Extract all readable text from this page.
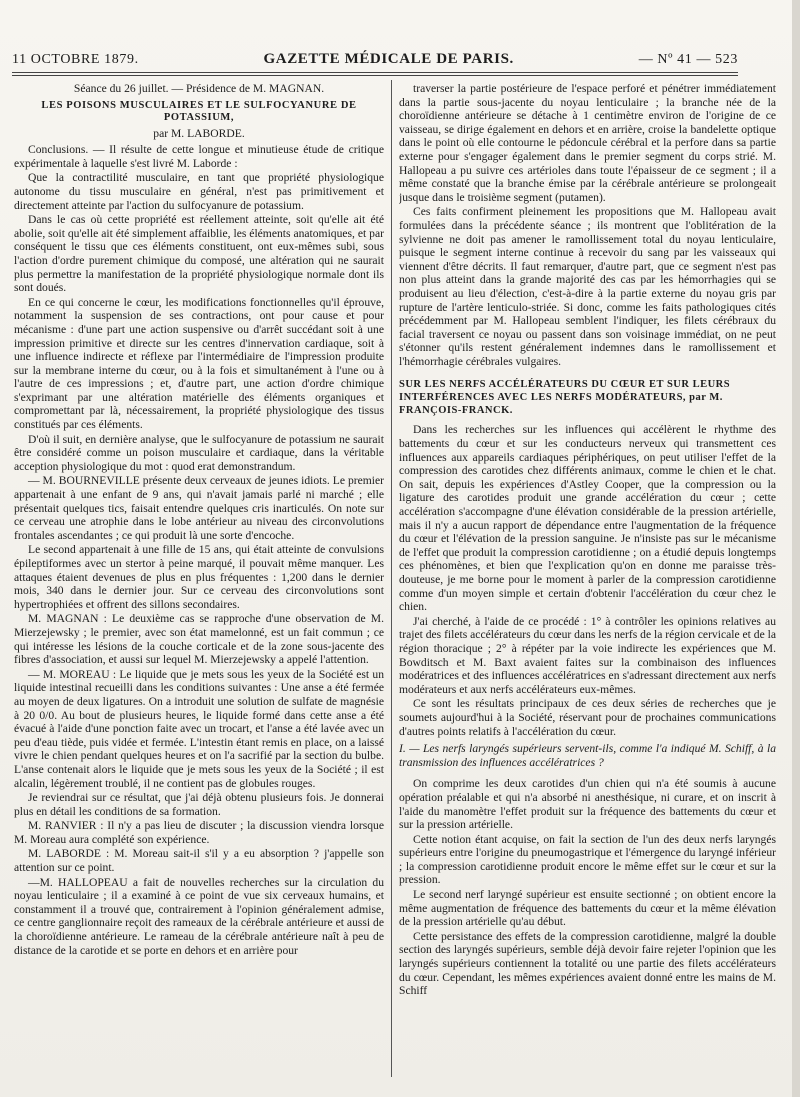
11 OCTOBRE 1879.	GAZETTE MÉDICALE DE PARIS.	— Nº 41 — 523

Séance du 26 juillet. — Présidence de M. MAGNAN.

LES POISONS MUSCULAIRES ET LE SULFOCYANURE DE POTASSIUM,

par M. LABORDE.

Conclusions. — Il résulte de cette longue et minutieuse étude de critique expérimentale à laquelle s'est livré M. Laborde :

Que la contractilité musculaire, en tant que propriété physiologique autonome du tissu musculaire en général, n'est pas primitivement et directement atteinte par l'action du sulfocyanure de potassium.

Dans le cas où cette propriété est réellement atteinte, soit qu'elle ait été abolie, soit qu'elle ait été simplement affaiblie, les éléments anatomiques, et par conséquent le tissu que ces éléments constituent, ont eux-mêmes subi, sous l'action d'ordre purement chimique du composé, une altération qui ne saurait plus permettre la manifestation de la propriété physiologique normale dont ils sont doués.

En ce qui concerne le cœur, les modifications fonctionnelles qu'il éprouve, notamment la suspension de ses contractions, ont pour cause et pour mécanisme : d'une part une action suspensive ou d'arrêt succédant soit à une impression primitive et directe sur les centres d'innervation cardiaque, soit à une influence indirecte et réflexe par l'intermédiaire de l'impression produite sur la membrane interne du cœur, ou à la fois et simultanément à l'une ou à l'autre de ces impressions ; et, d'autre part, une action d'ordre chimique s'exprimant par une altération matérielle des éléments organiques et compromettant par là, nécessairement, la propriété physiologique des tissus constitués par ces éléments.

D'où il suit, en dernière analyse, que le sulfocyanure de potassium ne saurait être considéré comme un poison musculaire et cardiaque, dans la véritable acception physiologique du mot : quod erat demonstrandum.

— M. BOURNEVILLE présente deux cerveaux de jeunes idiots. Le premier appartenait à une enfant de 9 ans, qui n'avait jamais parlé ni marché ; elle présentait quelques tics, faisait entendre quelques cris inarticulés. On note sur ce cerveau une atrophie dans le lobe antérieur au niveau des circonvolutions frontales ascendantes ; ce qui produit là une sorte d'encoche.

Le second appartenait à une fille de 15 ans, qui était atteinte de convulsions épileptiformes avec un stertor à peine marqué, il pouvait même manquer. Les attaques étaient devenues de plus en plus fréquentes : 1,200 dans le dernier mois, 340 dans le dernier jour. Sur ce cerveau des circonvolutions sont hypertrophiées et offrent des sillons secondaires.

M. MAGNAN : Le deuxième cas se rapproche d'une observation de M. Mierzejewsky ; le premier, avec son état mamelonné, est un fait commun ; ce qui intéresse les lésions de la couche corticale et de la zone sous-jacente des fibres d'association, et aussi sur lequel M. Mierzejewsky a appelé l'attention.

— M. MOREAU : Le liquide que je mets sous les yeux de la Société est un liquide intestinal recueilli dans les conditions suivantes : Une anse a été fermée au moyen de deux ligatures. On a introduit une solution de sulfate de magnésie à 20 0/0. Au bout de plusieurs heures, le liquide formé dans cette anse a été évacué à l'aide d'une ponction faite avec un trocart, et l'anse a été lavée avec un peu d'eau tiède, puis vidée et fermée. L'intestin étant remis en place, on a laissé vivre le chien pendant quelques heures et on l'a sacrifié par la section du bulbe. L'anse contenait alors le liquide que je mets sous les yeux de la Société ; il est alcalin, légèrement troublé, il ne contient pas de globules rouges.

Je reviendrai sur ce résultat, que j'ai déjà obtenu plusieurs fois. Je donnerai plus en détail les conditions de sa formation.

M. RANVIER : Il n'y a pas lieu de discuter ; la discussion viendra lorsque M. Moreau aura complété son expérience.

M. LABORDE : M. Moreau sait-il s'il y a eu absorption ? j'appelle son attention sur ce point.

—M. HALLOPEAU a fait de nouvelles recherches sur la circulation du noyau lenticulaire ; il a examiné à ce point de vue six cerveaux humains, et constamment il a trouvé que, contrairement à l'opinion généralement admise, ce centre ganglionnaire reçoit des rameaux de la cérébrale antérieure et aussi de la choroïdienne antérieure. Le rameau de la cérébrale antérieure naît à peu de distance de la carotide et se porte en dehors et en arrière pour

traverser la partie postérieure de l'espace perforé et pénétrer immédiatement dans la partie sous-jacente du noyau lenticulaire ; la branche née de la choroïdienne antérieure se détache à 1 centimètre environ de l'origine de ce vaisseau, se dirige également en dehors et en arrière, croise la bandelette optique dans le point où elle contourne le pédoncule cérébral et la perfore dans sa partie externe pour s'engager également dans le premier segment du corps strié. M. Hallopeau a pu suivre ces artérioles dans toute l'épaisseur de ce segment ; il a même constaté que la branche émise par la cérébrale antérieure se prolongeait jusque dans le troisième segment (putamen).

Ces faits confirment pleinement les propositions que M. Hallopeau avait formulées dans la précédente séance ; ils montrent que l'oblitération de la sylvienne ne doit pas amener le ramollissement total du noyau lenticulaire, puisque le segment interne continue à recevoir du sang par les vaisseaux qui viennent d'être décrits. Il faut remarquer, d'autre part, que ce segment n'est pas non plus atteint dans la grande majorité des cas par les hémorrhagies qui se produisent au lieu d'élection, c'est-à-dire à la partie externe du noyau gris par rupture de l'artère lenticulo-striée. Si donc, comme les faits pathologiques cités précédemment par M. Hallopeau semblent l'indiquer, les filets cérébraux du facial traversent ce noyau ou passent dans son voisinage immédiat, on ne peut s'étonner qu'ils restent généralement indemnes dans le ramollissement et l'hémorrhagie cérébrales vulgaires.

SUR LES NERFS ACCÉLÉRATEURS DU CŒUR ET SUR LEURS INTERFÉRENCES AVEC LES NERFS MODÉRATEURS, par M. FRANÇOIS-FRANCK.

Dans les recherches sur les influences qui accélèrent le rhythme des battements du cœur et sur les conducteurs nerveux qui transmettent ces influences aux appareils cardiaques périphériques, on peut utiliser l'effet de la compression des carotides chez différents animaux, comme le chien et le chat. On sait, depuis les expériences d'Astley Cooper, que la compression ou la ligature des carotides produit une grande accélération du cœur ; cette accélération s'accompagne d'une élévation considérable de la pression artérielle, mais il n'y a aucun rapport de dépendance entre l'augmentation de la fréquence du cœur et l'élévation de la pression sanguine. Je n'insiste pas sur le mécanisme de l'effet que produit la compression carotidienne ; on a étudié depuis longtemps ces phénomènes, et bien que l'explication qu'on en donne me paraisse très-douteuse, je me borne pour le moment à parler de la compression carotidienne comme d'un moyen simple et certain d'obtenir l'accélération du cœur chez le chien.

J'ai cherché, à l'aide de ce procédé : 1° à contrôler les opinions relatives au trajet des filets accélérateurs du cœur dans les nerfs de la région cervicale et de la région thoracique ; 2° à répéter par la voie indirecte les expériences que M. Bowditsch et M. Baxt avaient faites sur la combinaison des influences modératrices et des influences accélératrices en s'adressant directement aux nerfs modérateurs et aux nerfs accélérateurs eux-mêmes.

Ce sont les résultats principaux de ces deux séries de recherches que je soumets aujourd'hui à la Société, réservant pour de prochaines communications d'autres points relatifs à l'accélération du cœur.

I. — Les nerfs laryngés supérieurs servent-ils, comme l'a indiqué M. Schiff, à la transmission des influences accélératrices ?

On comprime les deux carotides d'un chien qui n'a été soumis à aucune opération préalable et qui n'a absorbé ni anesthésique, ni curare, et on inscrit à l'aide du manomètre l'effet produit sur la fréquence des battements du cœur et sur la pression artérielle.

Cette notion étant acquise, on fait la section de l'un des deux nerfs laryngés supérieurs entre l'origine du pneumogastrique et l'émergence du laryngé inférieur ; la compression carotidienne produit encore le même effet sur le cœur et sur la pression.

Le second nerf laryngé supérieur est ensuite sectionné ; on obtient encore la même augmentation de fréquence des battements du cœur et la même élévation de la pression artérielle qu'au début.

Cette persistance des effets de la compression carotidienne, malgré la double section des laryngés supérieurs, semble déjà devoir faire rejeter l'opinion que les laryngés supérieurs contiennent la totalité ou une partie des filets accélérateurs du cœur. Cependant, les mêmes expériences avaient donné entre les mains de M. Schiff
